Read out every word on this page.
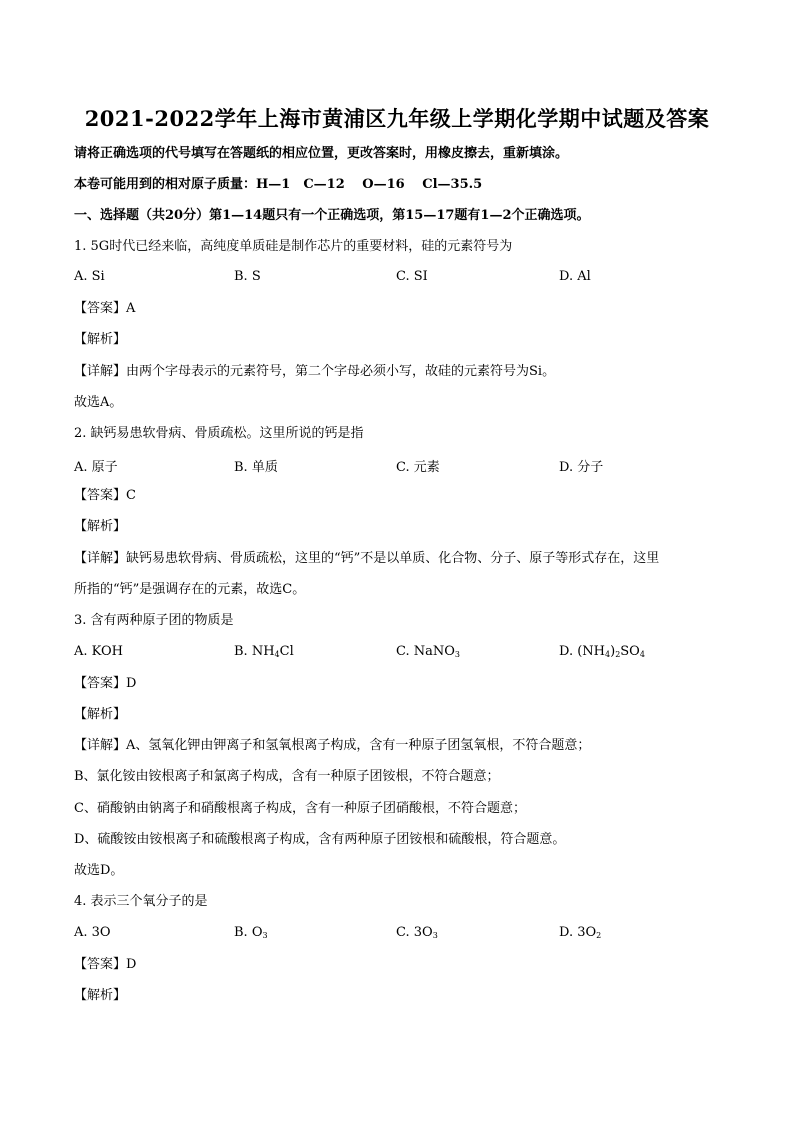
2021-2022学年上海市黄浦区九年级上学期化学期中试题及答案
请将正确选项的代号填写在答题纸的相应位置，更改答案时，用橡皮擦去，重新填涂。
本卷可能用到的相对原子质量：H—1　C—12　 O—16　 Cl—35.5
一、选择题（共20分）第1—14题只有一个正确选项，第15—17题有1—2个正确选项。
1. 5G时代已经来临，高纯度单质硅是制作芯片的重要材料，硅的元素符号为
A. Si	B. S	C. SI	D. Al
【答案】A
【解析】
【详解】由两个字母表示的元素符号，第二个字母必须小写，故硅的元素符号为Si。
故选A。
2. 缺钙易患软骨病、骨质疏松。这里所说的钙是指
A. 原子	B. 单质	C. 元素	D. 分子
【答案】C
【解析】
【详解】缺钙易患软骨病、骨质疏松，这里的“钙”不是以单质、化合物、分子、原子等形式存在，这里
所指的“钙”是强调存在的元素，故选C。
3. 含有两种原子团的物质是
A. KOH	B. $NH_4Cl$	C. NaNO$_3$	D. $(NH_4)_2SO_4$
【答案】D
【解析】
【详解】A、氢氧化钾由钾离子和氢氧根离子构成，含有一种原子团氢氧根，不符合题意；
B、氯化铵由铵根离子和氯离子构成，含有一种原子团铵根，不符合题意；
C、硝酸钠由钠离子和硝酸根离子构成，含有一种原子团硝酸根，不符合题意；
D、硫酸铵由铵根离子和硫酸根离子构成，含有两种原子团铵根和硫酸根，符合题意。
故选D。
4. 表示三个氧分子的是
A. 3O	B. $O_3$	C. $3O_3$	D. $3O_2$
【答案】D
【解析】
